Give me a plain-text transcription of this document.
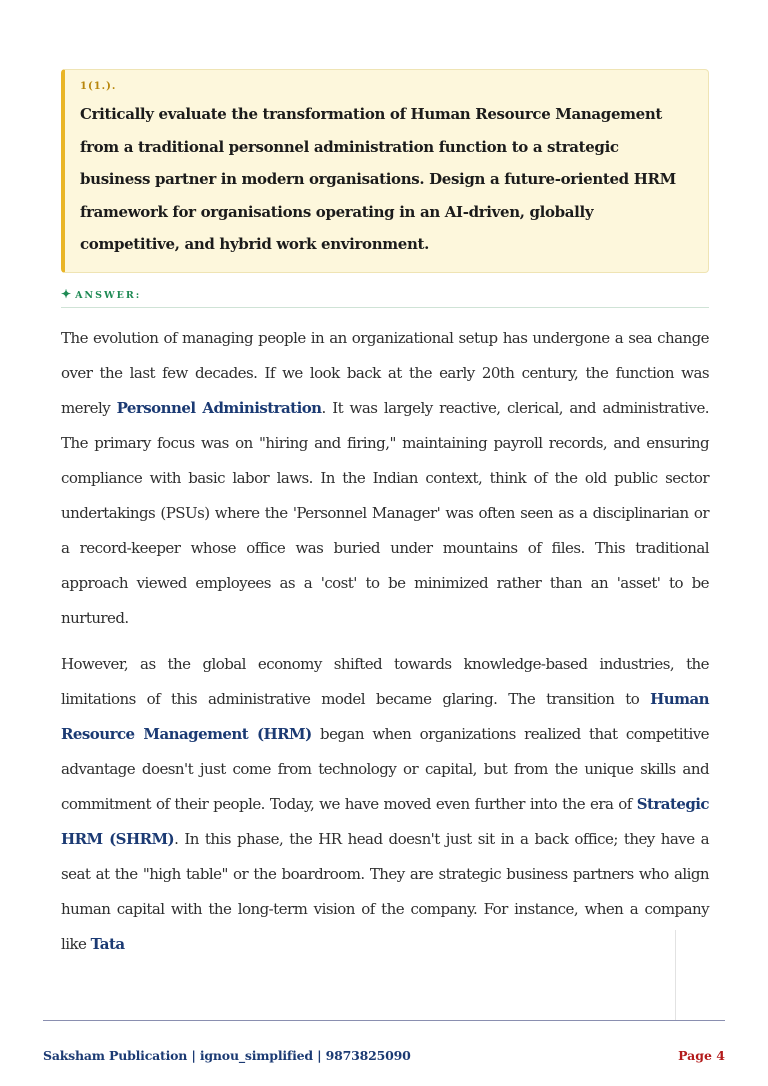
1(1.).

Critically evaluate the transformation of Human Resource Management from a traditional personnel administration function to a strategic business partner in modern organisations. Design a future-oriented HRM framework for organisations operating in an AI-driven, globally competitive, and hybrid work environment.

✦ ANSWER:

The evolution of managing people in an organizational setup has undergone a sea change over the last few decades. If we look back at the early 20th century, the function was merely Personnel Administration. It was largely reactive, clerical, and administrative. The primary focus was on "hiring and firing," maintaining payroll records, and ensuring compliance with basic labor laws. In the Indian context, think of the old public sector undertakings (PSUs) where the 'Personnel Manager' was often seen as a disciplinarian or a record-keeper whose office was buried under mountains of files. This traditional approach viewed employees as a 'cost' to be minimized rather than an 'asset' to be nurtured.

However, as the global economy shifted towards knowledge-based industries, the limitations of this administrative model became glaring. The transition to Human Resource Management (HRM) began when organizations realized that competitive advantage doesn't just come from technology or capital, but from the unique skills and commitment of their people. Today, we have moved even further into the era of Strategic HRM (SHRM). In this phase, the HR head doesn't just sit in a back office; they have a seat at the "high table" or the boardroom. They are strategic business partners who align human capital with the long-term vision of the company. For instance, when a company like Tata

Saksham Publication | ignou_simplified | 9873825090	Page 4
